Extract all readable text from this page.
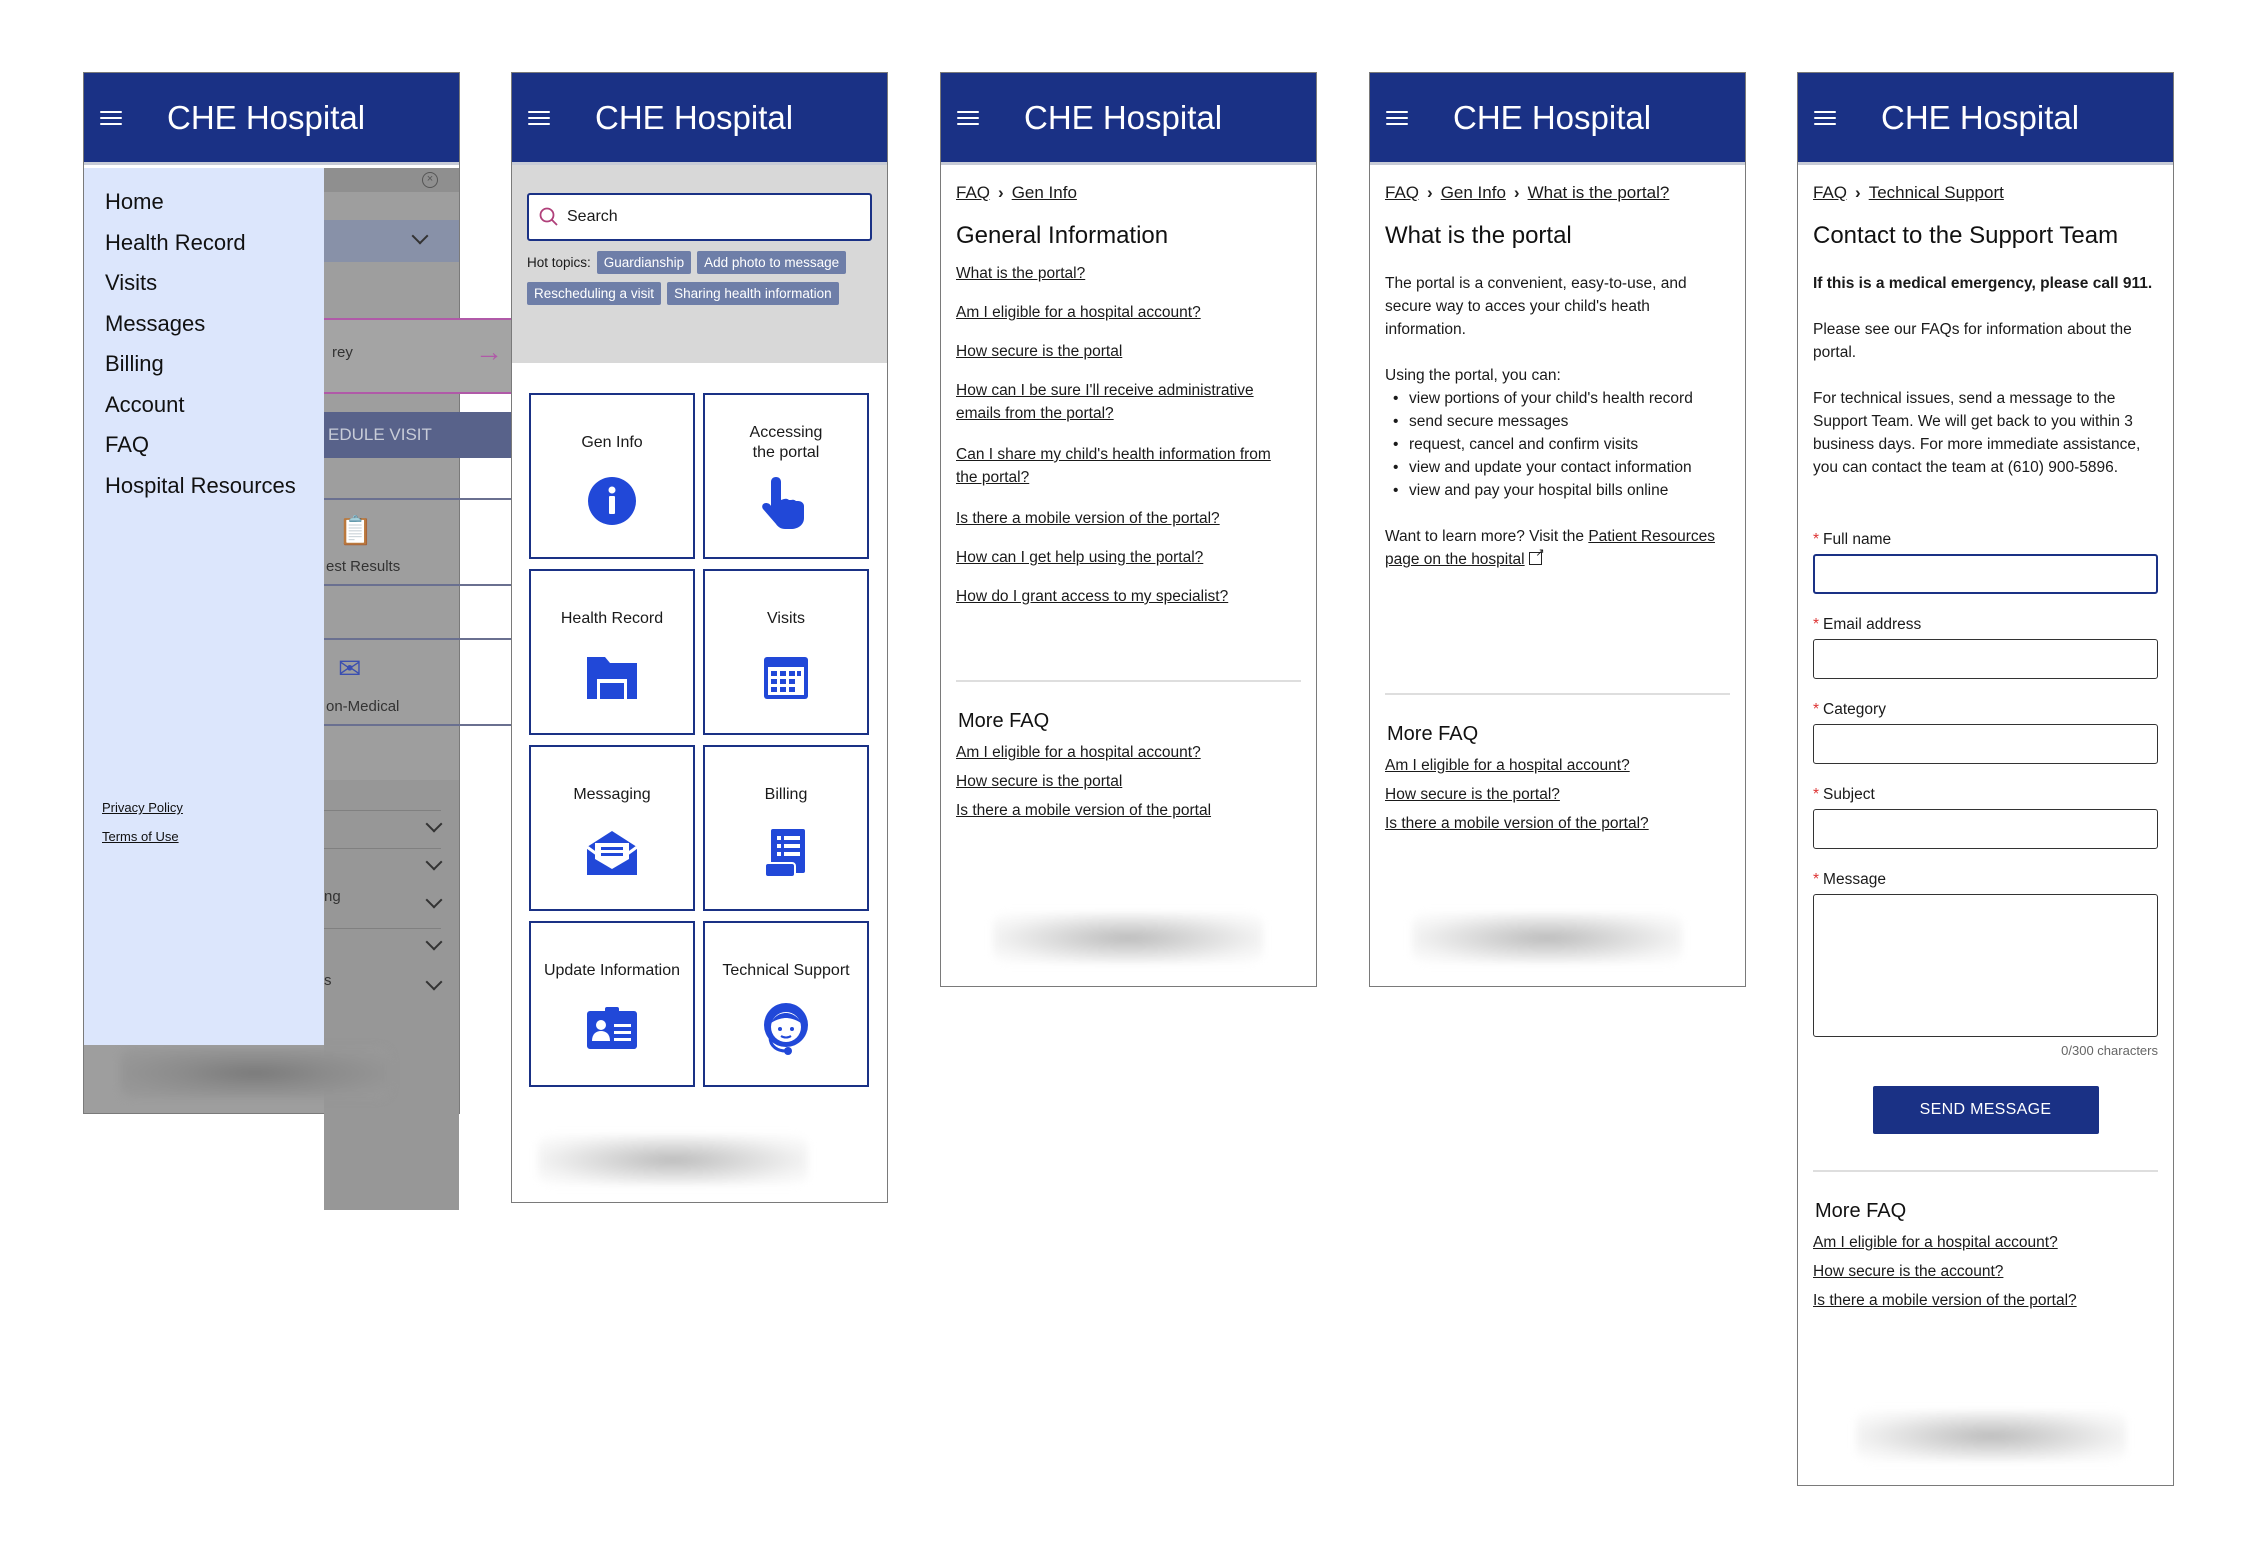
CHE Hospital
×
rey	→
EDULE VISIT
📋
est Results
✉
on-Medical
ng
s
Home
Health Record
Visits
Messages
Billing
Account
FAQ
Hospital Resources
Privacy Policy
Terms of Use
CHE Hospital
Search
Hot topics: Guardianship	Add photo to message
Rescheduling a visit	Sharing health information
Gen Info
Accessing
the portal
Health Record	Visits
Messaging	Billing
Update Information	Technical Support
CHE Hospital
FAQ › Gen Info
General Information
What is the portal?
Am I eligible for a hospital account?
How secure is the portal
How can I be sure I'll receive administrative emails from the portal?
Can I share my child's health information from the portal?
Is there a mobile version of the portal?
How can I get help using the portal?
How do I grant access to my specialist?
More FAQ
Am I eligible for a hospital account?
How secure is the portal
Is there a mobile version of the portal
CHE Hospital
FAQ › Gen Info › What is the portal?
What is the portal
The portal is a convenient, easy-to-use, and secure way to acces your child's heath information.
Using the portal, you can:
• view portions of your child's health record
• send secure messages
• request, cancel and confirm visits
• view and update your contact information
• view and pay your hospital bills online
Want to learn more? Visit the Patient Resources page on the hospital ↗
More FAQ
Am I eligible for a hospital account?
How secure is the portal?
Is there a mobile version of the portal?
CHE Hospital
FAQ › Technical Support
Contact to the Support Team
If this is a medical emergency, please call 911.
Please see our FAQs for information about the portal.
For technical issues, send a message to the Support Team. We will get back to you within 3 business days. For more immediate assistance, you can contact the team at (610) 900-5896.
* Full name
* Email address
* Category
* Subject
* Message
0/300 characters
SEND MESSAGE
More FAQ
Am I eligible for a hospital account?
How secure is the account?
Is there a mobile version of the portal?
